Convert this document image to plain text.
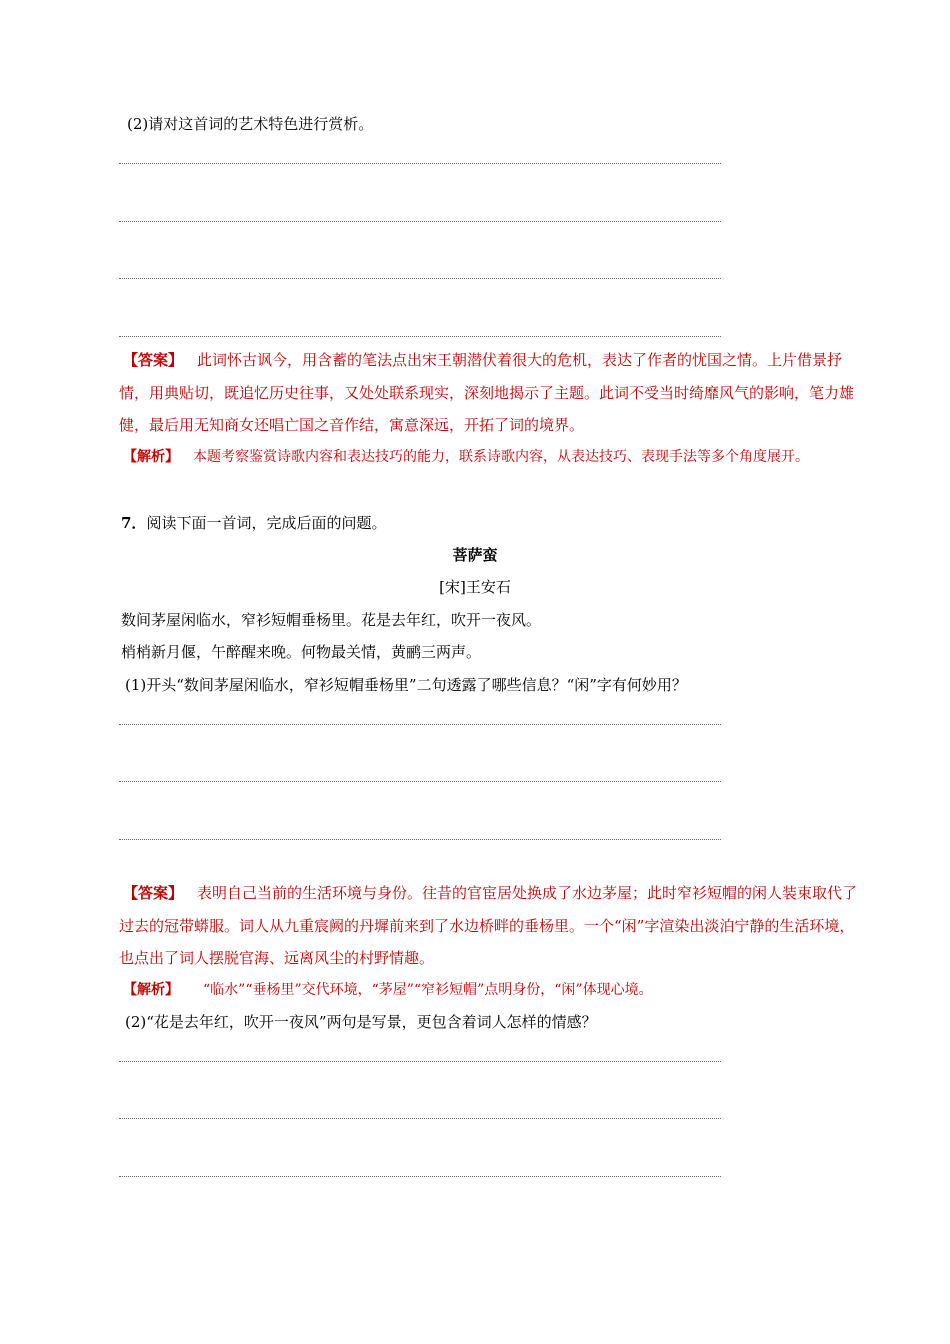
(2)请对这首词的艺术特色进行赏析。
【答案】 此词怀古讽今，用含蓄的笔法点出宋王朝潜伏着很大的危机，表达了作者的忧国之情。上片借景抒情，用典贴切，既追忆历史往事，又处处联系现实，深刻地揭示了主题。此词不受当时绮靡风气的影响，笔力雄健，最后用无知商女还唱亡国之音作结，寓意深远，开拓了词的境界。
【解析】 本题考察鉴赏诗歌内容和表达技巧的能力，联系诗歌内容，从表达技巧、表现手法等多个角度展开。
7．阅读下面一首词，完成后面的问题。
菩萨蛮
[宋]王安石
数间茅屋闲临水，窄衫短帽垂杨里。花是去年红，吹开一夜风。
梢梢新月偃，午醉醒来晚。何物最关情，黄鹂三两声。
(1)开头“数间茅屋闲临水，窄衫短帽垂杨里”二句透露了哪些信息？“闲”字有何妙用？
【答案】 表明自己当前的生活环境与身份。往昔的官宦居处换成了水边茅屋；此时窄衫短帽的闲人装束取代了过去的冠带蟒服。词人从九重宸阙的丹墀前来到了水边桥畔的垂杨里。一个“闲”字渲染出淡泊宁静的生活环境，也点出了词人摆脱官海、远离风尘的村野情趣。
【解析】 “临水”“垂杨里”交代环境，“茅屋”“窄衫短帽”点明身份，“闲”体现心境。
(2)“花是去年红，吹开一夜风”两句是写景，更包含着词人怎样的情感？
